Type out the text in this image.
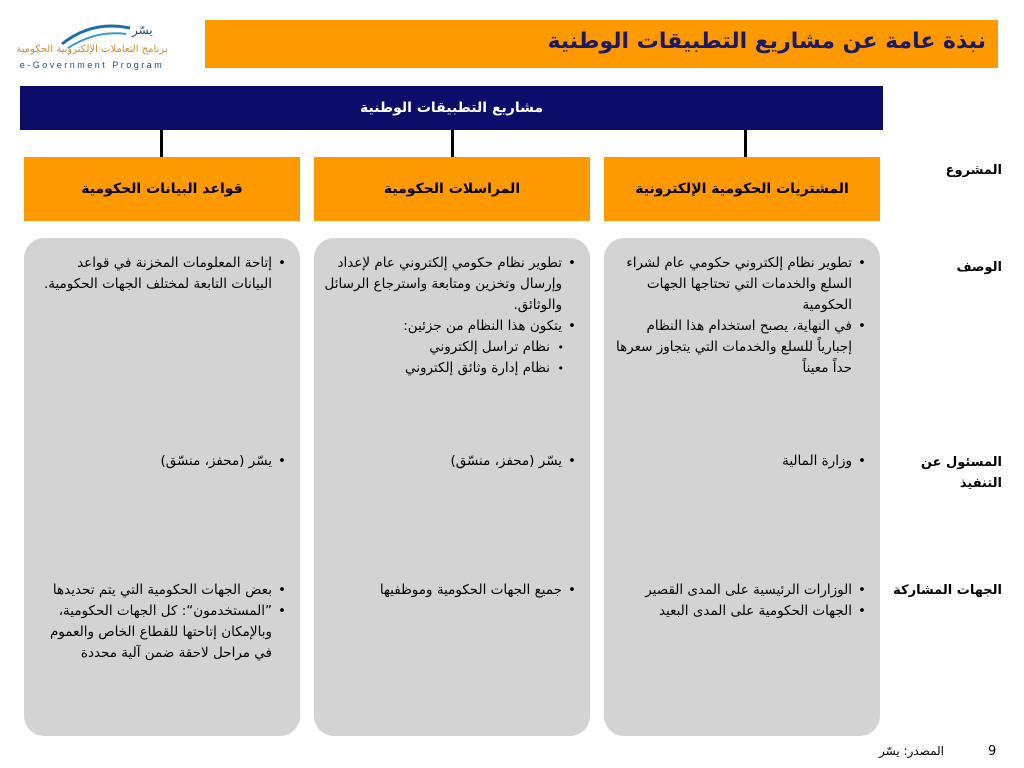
يسّر
برنامج التعاملات الإلكترونية الحكومية
e-Government Program
نبذة عامة عن مشاريع التطبيقات الوطنية
مشاريع التطبيقات الوطنية
المشتريات الحكومية الإلكترونية
المراسلات الحكومية
قواعد البيانات الحكومية
المشروع
الوصف
المسئول عن
التنفيذ
الجهات المشاركة
• تطوير نظام إلكتروني حكومي عام لشراء السلع والخدمات التي تحتاجها الجهات الحكومية
• في النهاية، يصبح استخدام هذا النظام إجبارياً للسلع والخدمات التي يتجاوز سعرها حداً معيناً
• وزارة المالية
• الوزارات الرئيسية على المدى القصير
• الجهات الحكومية على المدى البعيد
• تطوير نظام حكومي إلكتروني عام لإعداد وإرسال وتخزين ومتابعة واسترجاع الرسائل والوثائق.
• يتكون هذا النظام من جزئين:
• نظام تراسل إلكتروني
• نظام إدارة وثائق إلكتروني
• يسّر (محفز، منسّق)
• جميع الجهات الحكومية وموظفيها
• إتاحة المعلومات المخزنة في قواعد البيانات التابعة لمختلف الجهات الحكومية.
• يسّر (محفز، منسّق)
• بعض الجهات الحكومية التي يتم تحديدها
• ”المستخدمون“: كل الجهات الحكومية، وبالإمكان إتاحتها للقطاع الخاص والعموم في مراحل لاحقة ضمن آلية محددة
9
المصدر: يسّر
